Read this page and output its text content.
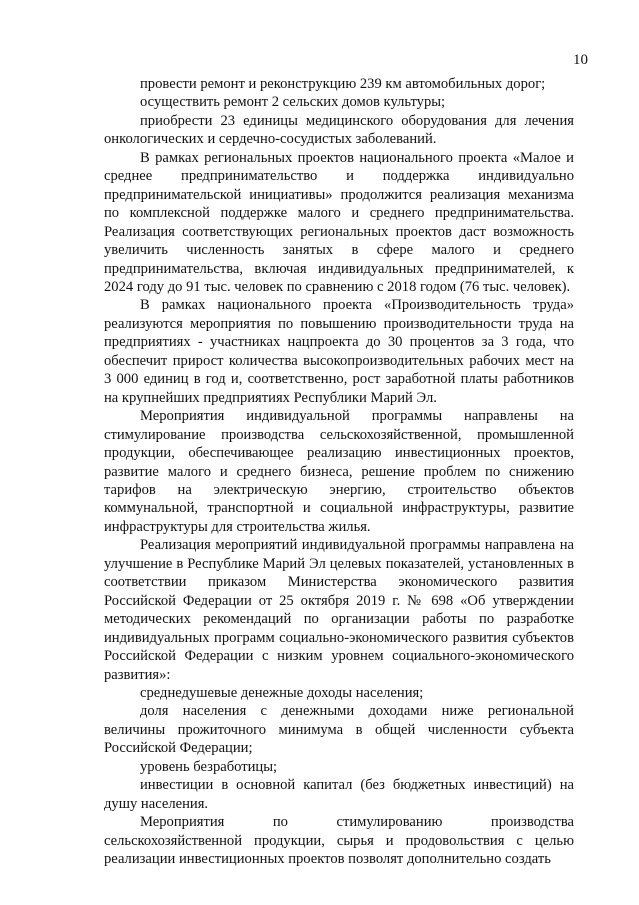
10

провести ремонт и реконструкцию 239 км автомобильных дорог;

осуществить ремонт 2 сельских домов культуры;

приобрести 23 единицы медицинского оборудования для лечения онкологических и сердечно-сосудистых заболеваний.

В рамках региональных проектов национального проекта «Малое и среднее предпринимательство и поддержка индивидуально предпринимательской инициативы» продолжится реализация механизма по комплексной поддержке малого и среднего предпринимательства. Реализация соответствующих региональных проектов даст возможность увеличить численность занятых в сфере малого и среднего предпринимательства, включая индивидуальных предпринимателей, к 2024 году до 91 тыс. человек по сравнению с 2018 годом (76 тыс. человек).

В рамках национального проекта «Производительность труда» реализуются мероприятия по повышению производительности труда на предприятиях - участниках нацпроекта до 30 процентов за 3 года, что обеспечит прирост количества высокопроизводительных рабочих мест на 3 000 единиц в год и, соответственно, рост заработной платы работников на крупнейших предприятиях Республики Марий Эл.

Мероприятия индивидуальной программы направлены на стимулирование производства сельскохозяйственной, промышленной продукции, обеспечивающее реализацию инвестиционных проектов, развитие малого и среднего бизнеса, решение проблем по снижению тарифов на электрическую энергию, строительство объектов коммунальной, транспортной и социальной инфраструктуры, развитие инфраструктуры для строительства жилья.

Реализация мероприятий индивидуальной программы направлена на улучшение в Республике Марий Эл целевых показателей, установленных в соответствии приказом Министерства экономического развития Российской Федерации от 25 октября 2019 г. № 698 «Об утверждении методических рекомендаций по организации работы по разработке индивидуальных программ социально-экономического развития субъектов Российской Федерации с низким уровнем социального-экономического развития»:

среднедушевые денежные доходы населения;

доля населения с денежными доходами ниже региональной величины прожиточного минимума в общей численности субъекта Российской Федерации;

уровень безработицы;

инвестиции в основной капитал (без бюджетных инвестиций) на душу населения.

Мероприятия по стимулированию производства сельскохозяйственной продукции, сырья и продовольствия с целью реализации инвестиционных проектов позволят дополнительно создать
